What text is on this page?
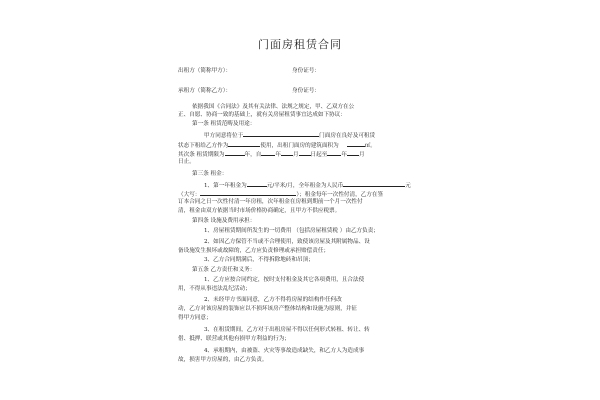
门面房租赁合同
出租方（简称甲方）：	身份证号：
承租方（简称乙方）：	身份证号：
依据我国《合同法》及其有关法律、法规之规定，甲、乙双方在公
正、自愿、协商一致的基础上，就有关房屋租赁事宜达成如下协议：
第一条 租赁范畴及用途：
甲方同意将位于	门面房在良好及可租赁
状态下租给乙方作为	使用，出租门面房的建筑面积为	㎡。
其次条 租赁期限为	年，自	年 月 日起至	年 月
日止。
第三条 租金：
1、第一年租金为	元/平米/月，全年租金为人民币	元
（大写：	）；租金每年一次性付清，乙方在签
订本合同之日一次性付清一年房租，次年租金在房租到期前一个月一次性付
清，租金由双方依据当时市场价格协商确定，且甲方不供应税票。
第四条 设施及费用承担：
1、房屋租赁期间所发生的一切费用 （包括房屋租赁税 ）由乙方负责；
2、如因乙方保管不当或不合理使用，致使该房屋及其附属物品、设
备设施发生损坏或故障的，乙方应负责修理或承担赔偿责任；
3、乙方合同期满后，不得拆除地砖和吊顶；
第五条 乙方责任和义务：
1、乙方应按合同约定，按时支付租金及其它各项费用，且合法使
用，不得从事违法乱纪活动；
2、未经甲方书面同意，乙方不得将房屋的结构作任何改
动，乙方对该房屋的装饰应以不损坏该房产整体结构和设施为原则，并征
得甲方同意；
3、在租赁期间，乙方对于出租房屋不得以任何形式转租、转让、转
借、抵押、联营或其他有损甲方利益的行为；
4、承租期内，由被盗、火灾等事故造成缺失，和乙方人为造成事
故，损害甲方房屋的，由乙方负责。
